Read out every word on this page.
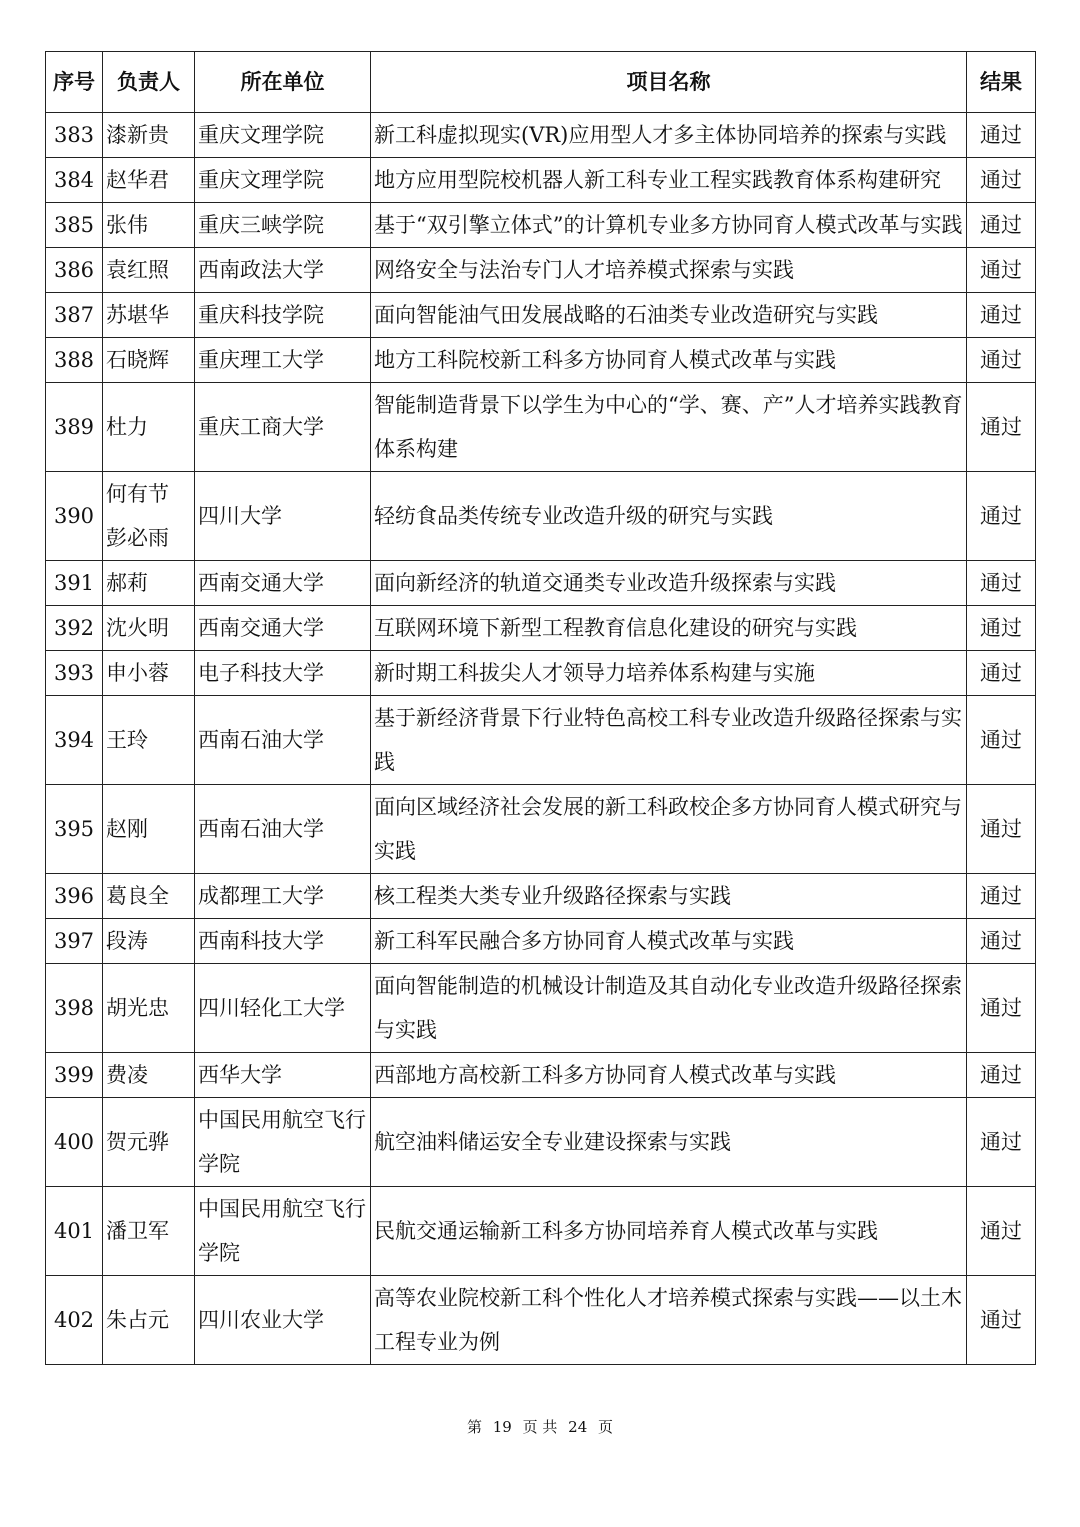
序号	负责人	所在单位	项目名称	结果
383	漆新贵	重庆文理学院	新工科虚拟现实(VR)应用型人才多主体协同培养的探索与实践	通过
384	赵华君	重庆文理学院	地方应用型院校机器人新工科专业工程实践教育体系构建研究	通过
385	张伟	重庆三峡学院	基于“双引擎立体式”的计算机专业多方协同育人模式改革与实践	通过
386	袁红照	西南政法大学	网络安全与法治专门人才培养模式探索与实践	通过
387	苏堪华	重庆科技学院	面向智能油气田发展战略的石油类专业改造研究与实践	通过
388	石晓辉	重庆理工大学	地方工科院校新工科多方协同育人模式改革与实践	通过
389	杜力	重庆工商大学	智能制造背景下以学生为中心的“学、赛、产”人才培养实践教育体系构建	通过
390	何有节 彭必雨	四川大学	轻纺食品类传统专业改造升级的研究与实践	通过
391	郝莉	西南交通大学	面向新经济的轨道交通类专业改造升级探索与实践	通过
392	沈火明	西南交通大学	互联网环境下新型工程教育信息化建设的研究与实践	通过
393	申小蓉	电子科技大学	新时期工科拔尖人才领导力培养体系构建与实施	通过
394	王玲	西南石油大学	基于新经济背景下行业特色高校工科专业改造升级路径探索与实践	通过
395	赵刚	西南石油大学	面向区域经济社会发展的新工科政校企多方协同育人模式研究与实践	通过
396	葛良全	成都理工大学	核工程类大类专业升级路径探索与实践	通过
397	段涛	西南科技大学	新工科军民融合多方协同育人模式改革与实践	通过
398	胡光忠	四川轻化工大学	面向智能制造的机械设计制造及其自动化专业改造升级路径探索与实践	通过
399	费凌	西华大学	西部地方高校新工科多方协同育人模式改革与实践	通过
400	贺元骅	中国民用航空飞行学院	航空油料储运安全专业建设探索与实践	通过
401	潘卫军	中国民用航空飞行学院	民航交通运输新工科多方协同培养育人模式改革与实践	通过
402	朱占元	四川农业大学	高等农业院校新工科个性化人才培养模式探索与实践——以土木工程专业为例	通过
第 19 页 共 24 页
